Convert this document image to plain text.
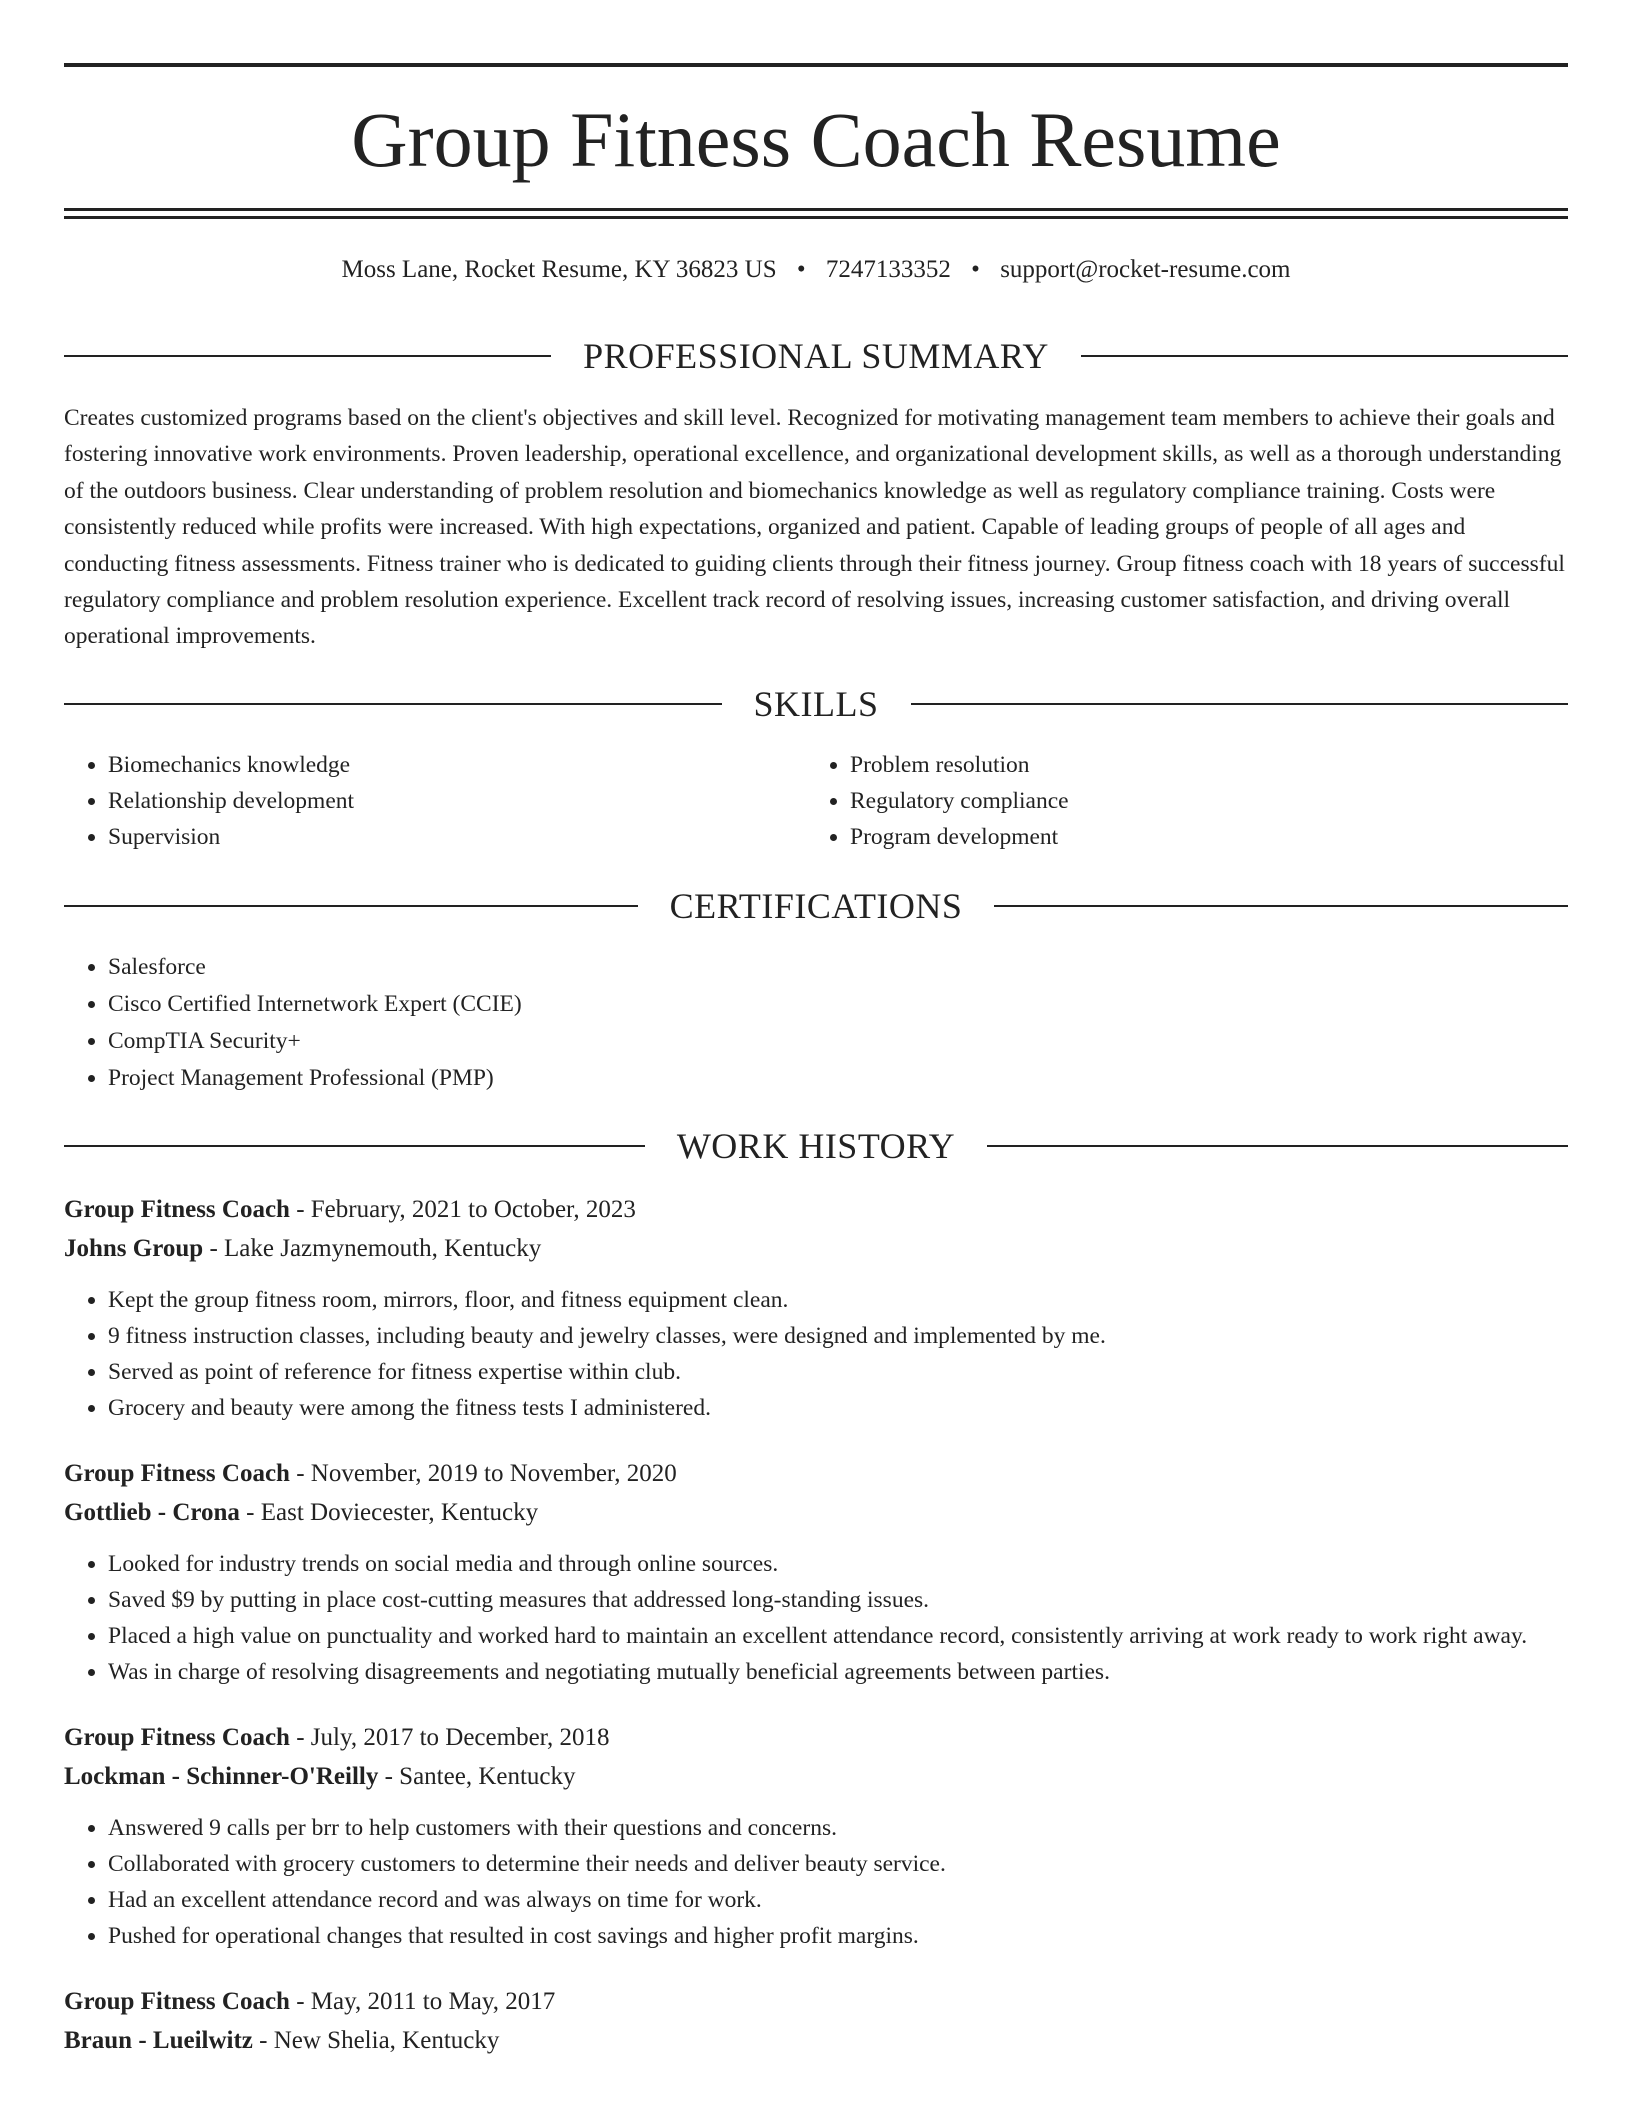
Group Fitness Coach Resume
Moss Lane, Rocket Resume, KY 36823 US • 7247133352 • support@rocket-resume.com
PROFESSIONAL SUMMARY

Creates customized programs based on the client's objectives and skill level. Recognized for motivating management team members to achieve their goals and fostering innovative work environments. Proven leadership, operational excellence, and organizational development skills, as well as a thorough understanding of the outdoors business. Clear understanding of problem resolution and biomechanics knowledge as well as regulatory compliance training. Costs were consistently reduced while profits were increased. With high expectations, organized and patient. Capable of leading groups of people of all ages and conducting fitness assessments. Fitness trainer who is dedicated to guiding clients through their fitness journey. Group fitness coach with 18 years of successful regulatory compliance and problem resolution experience. Excellent track record of resolving issues, increasing customer satisfaction, and driving overall operational improvements.

SKILLS
• Biomechanics knowledge
• Relationship development
• Supervision
• Problem resolution
• Regulatory compliance
• Program development
CERTIFICATIONS
• Salesforce
• Cisco Certified Internetwork Expert (CCIE)
• CompTIA Security+
• Project Management Professional (PMP)
WORK HISTORY
Group Fitness Coach - February, 2021 to October, 2023
Johns Group - Lake Jazmynemouth, Kentucky
• Kept the group fitness room, mirrors, floor, and fitness equipment clean.
• 9 fitness instruction classes, including beauty and jewelry classes, were designed and implemented by me.
• Served as point of reference for fitness expertise within club.
• Grocery and beauty were among the fitness tests I administered.
Group Fitness Coach - November, 2019 to November, 2020
Gottlieb - Crona - East Doviecester, Kentucky
• Looked for industry trends on social media and through online sources.
• Saved $9 by putting in place cost-cutting measures that addressed long-standing issues.
• Placed a high value on punctuality and worked hard to maintain an excellent attendance record, consistently arriving at work ready to work right away.
• Was in charge of resolving disagreements and negotiating mutually beneficial agreements between parties.
Group Fitness Coach - July, 2017 to December, 2018
Lockman - Schinner-O'Reilly - Santee, Kentucky
• Answered 9 calls per brr to help customers with their questions and concerns.
• Collaborated with grocery customers to determine their needs and deliver beauty service.
• Had an excellent attendance record and was always on time for work.
• Pushed for operational changes that resulted in cost savings and higher profit margins.
Group Fitness Coach - May, 2011 to May, 2017
Braun - Lueilwitz - New Shelia, Kentucky
